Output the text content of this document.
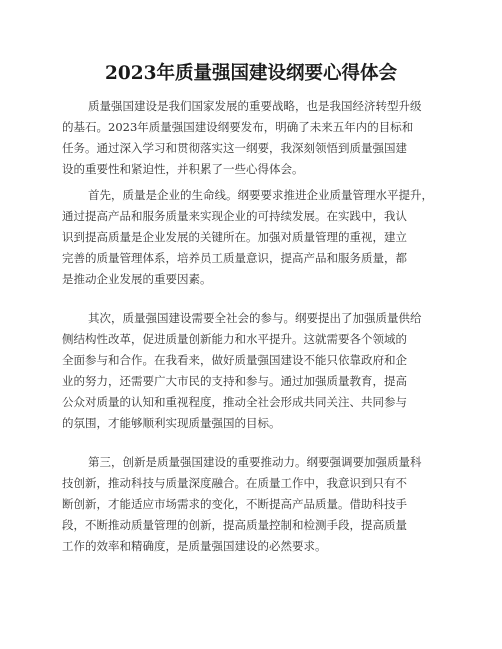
2023年质量强国建设纲要心得体会

质量强国建设是我们国家发展的重要战略，也是我国经济转型升级
的基石。2023年质量强国建设纲要发布，明确了未来五年内的目标和
任务。通过深入学习和贯彻落实这一纲要，我深刻领悟到质量强国建
设的重要性和紧迫性，并积累了一些心得体会。

首先，质量是企业的生命线。纲要要求推进企业质量管理水平提升，
通过提高产品和服务质量来实现企业的可持续发展。在实践中，我认
识到提高质量是企业发展的关键所在。加强对质量管理的重视，建立
完善的质量管理体系，培养员工质量意识，提高产品和服务质量，都
是推动企业发展的重要因素。

其次，质量强国建设需要全社会的参与。纲要提出了加强质量供给
侧结构性改革，促进质量创新能力和水平提升。这就需要各个领域的
全面参与和合作。在我看来，做好质量强国建设不能只依靠政府和企
业的努力，还需要广大市民的支持和参与。通过加强质量教育，提高
公众对质量的认知和重视程度，推动全社会形成共同关注、共同参与
的氛围，才能够顺利实现质量强国的目标。

第三，创新是质量强国建设的重要推动力。纲要强调要加强质量科
技创新，推动科技与质量深度融合。在质量工作中，我意识到只有不
断创新，才能适应市场需求的变化，不断提高产品质量。借助科技手
段，不断推动质量管理的创新，提高质量控制和检测手段，提高质量
工作的效率和精确度，是质量强国建设的必然要求。
